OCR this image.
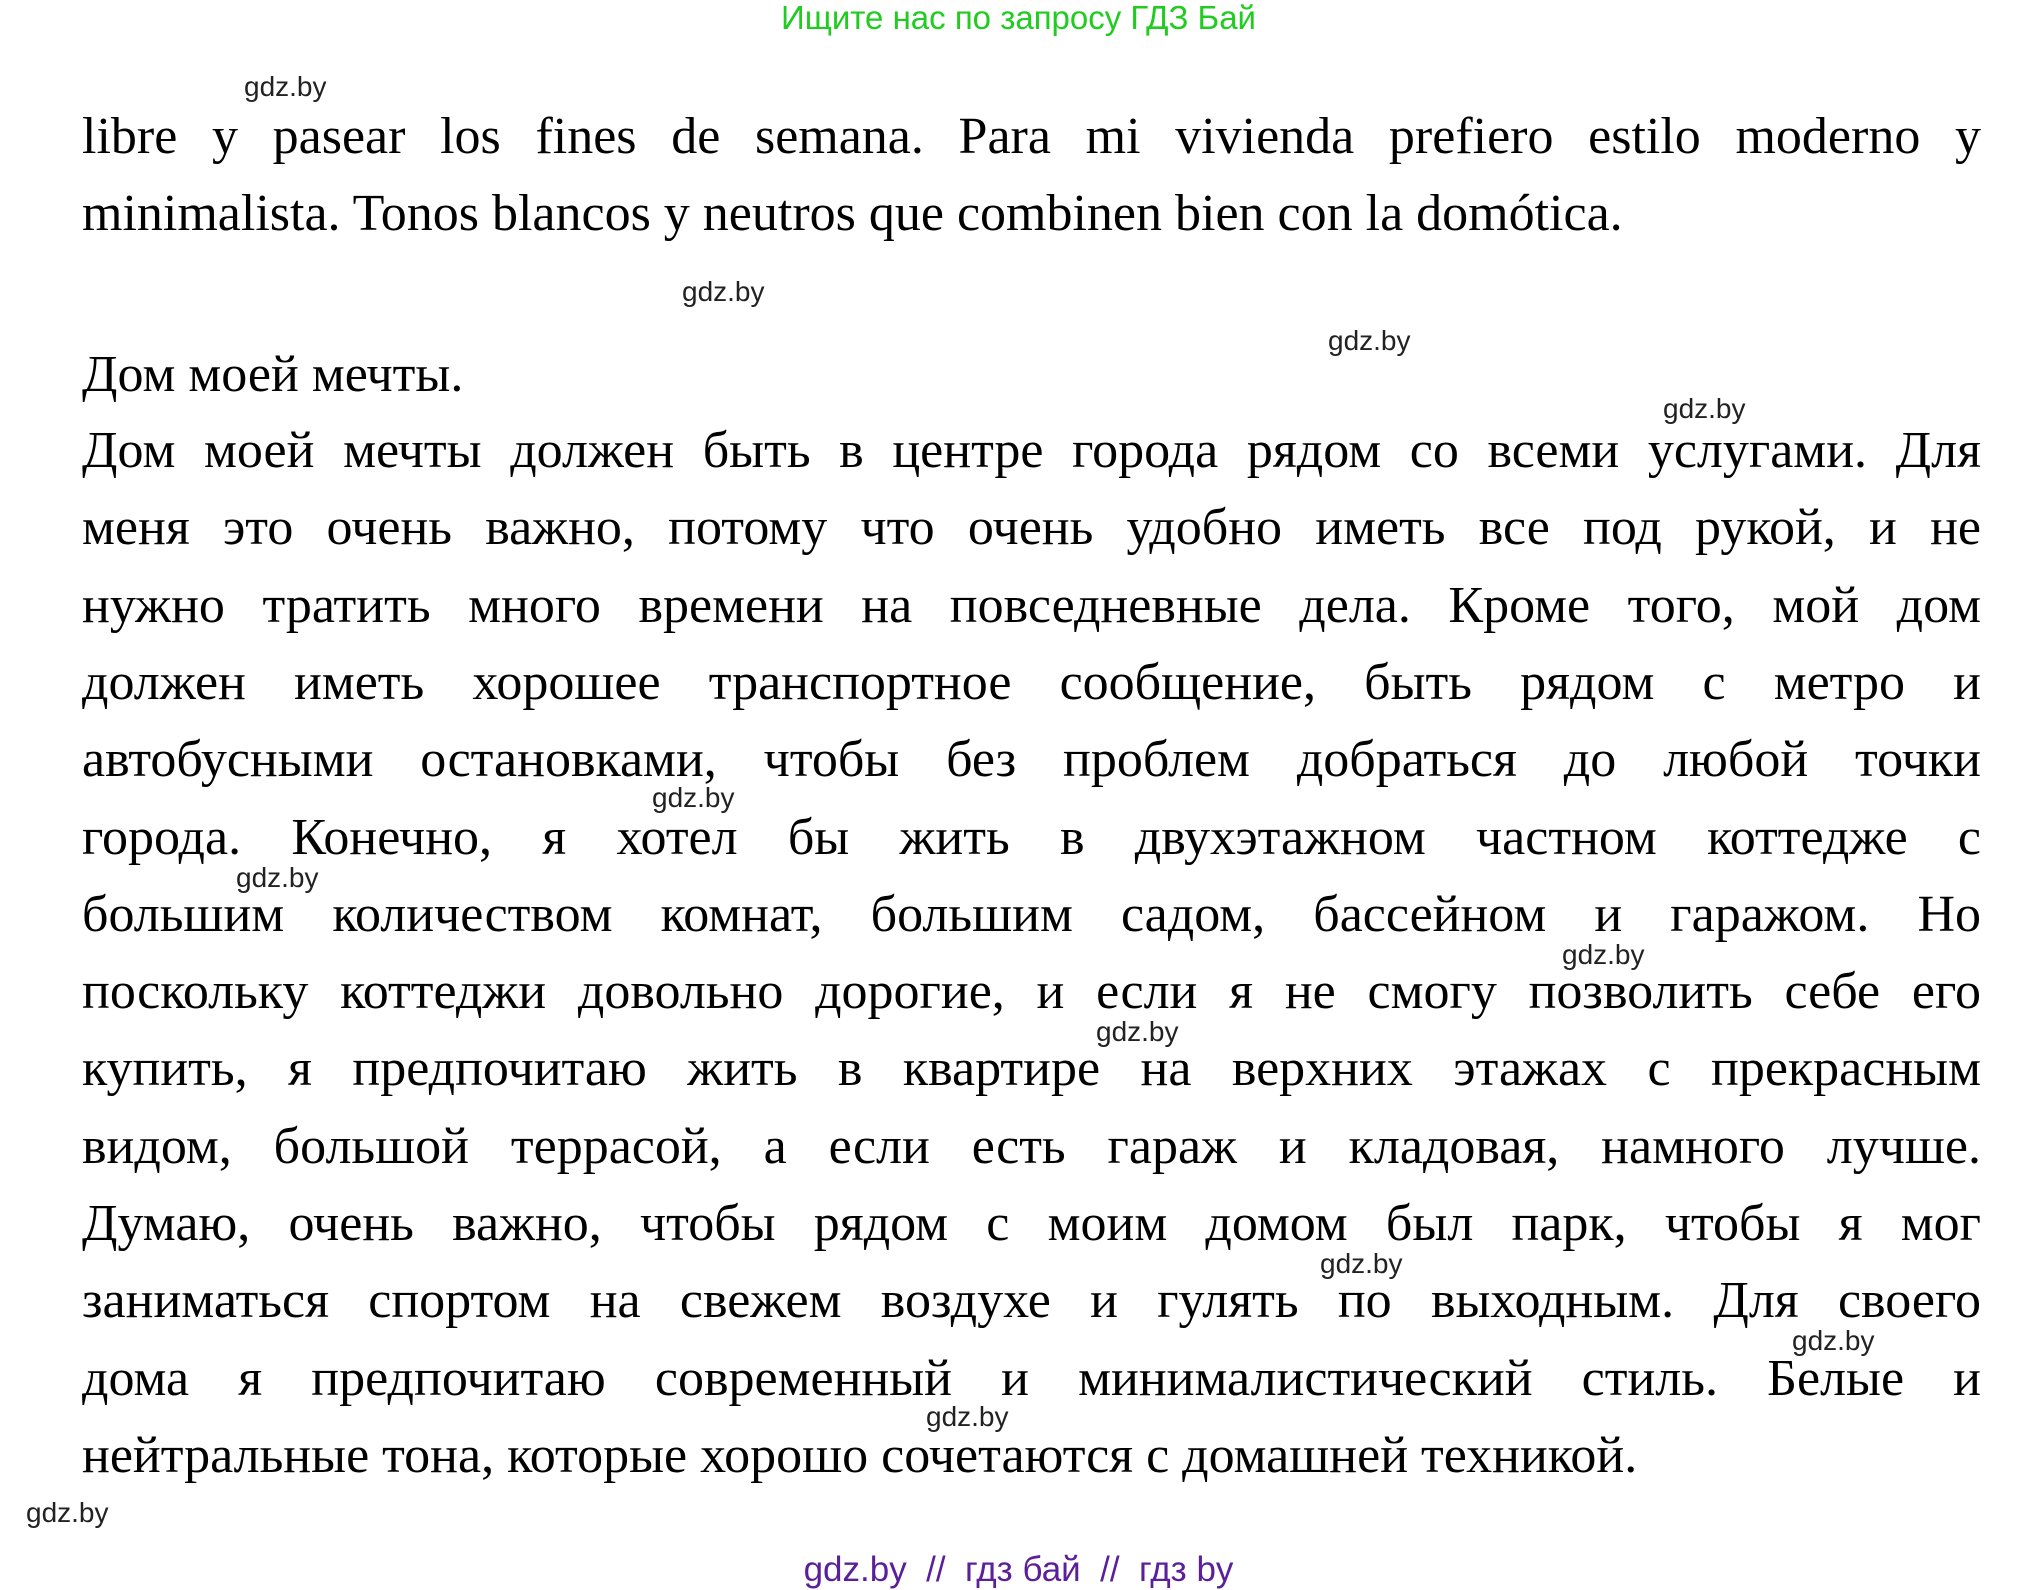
Ищите нас по запросу ГДЗ Бай
libre y pasear los fines de semana. Para mi vivienda prefiero estilo moderno y
minimalista. Tonos blancos y neutros que combinen bien con la domótica.
Дом моей мечты.
Дом моей мечты должен быть в центре города рядом со всеми услугами. Для
меня это очень важно, потому что очень удобно иметь все под рукой, и не
нужно тратить много времени на повседневные дела. Кроме того, мой дом
должен иметь хорошее транспортное сообщение, быть рядом с метро и
автобусными остановками, чтобы без проблем добраться до любой точки
города. Конечно, я хотел бы жить в двухэтажном частном коттедже с
большим количеством комнат, большим садом, бассейном и гаражом. Но
поскольку коттеджи довольно дорогие, и если я не смогу позволить себе его
купить, я предпочитаю жить в квартире на верхних этажах с прекрасным
видом, большой террасой, а если есть гараж и кладовая, намного лучше.
Думаю, очень важно, чтобы рядом с моим домом был парк, чтобы я мог
заниматься спортом на свежем воздухе и гулять по выходным. Для своего
дома я предпочитаю современный и минималистический стиль. Белые и
нейтральные тона, которые хорошо сочетаются с домашней техникой.
gdz.by
gdz.by
gdz.by
gdz.by
gdz.by
gdz.by
gdz.by
gdz.by
gdz.by
gdz.by
gdz.by
gdz.by
gdz.by  //  гдз бай  //  гдз by
